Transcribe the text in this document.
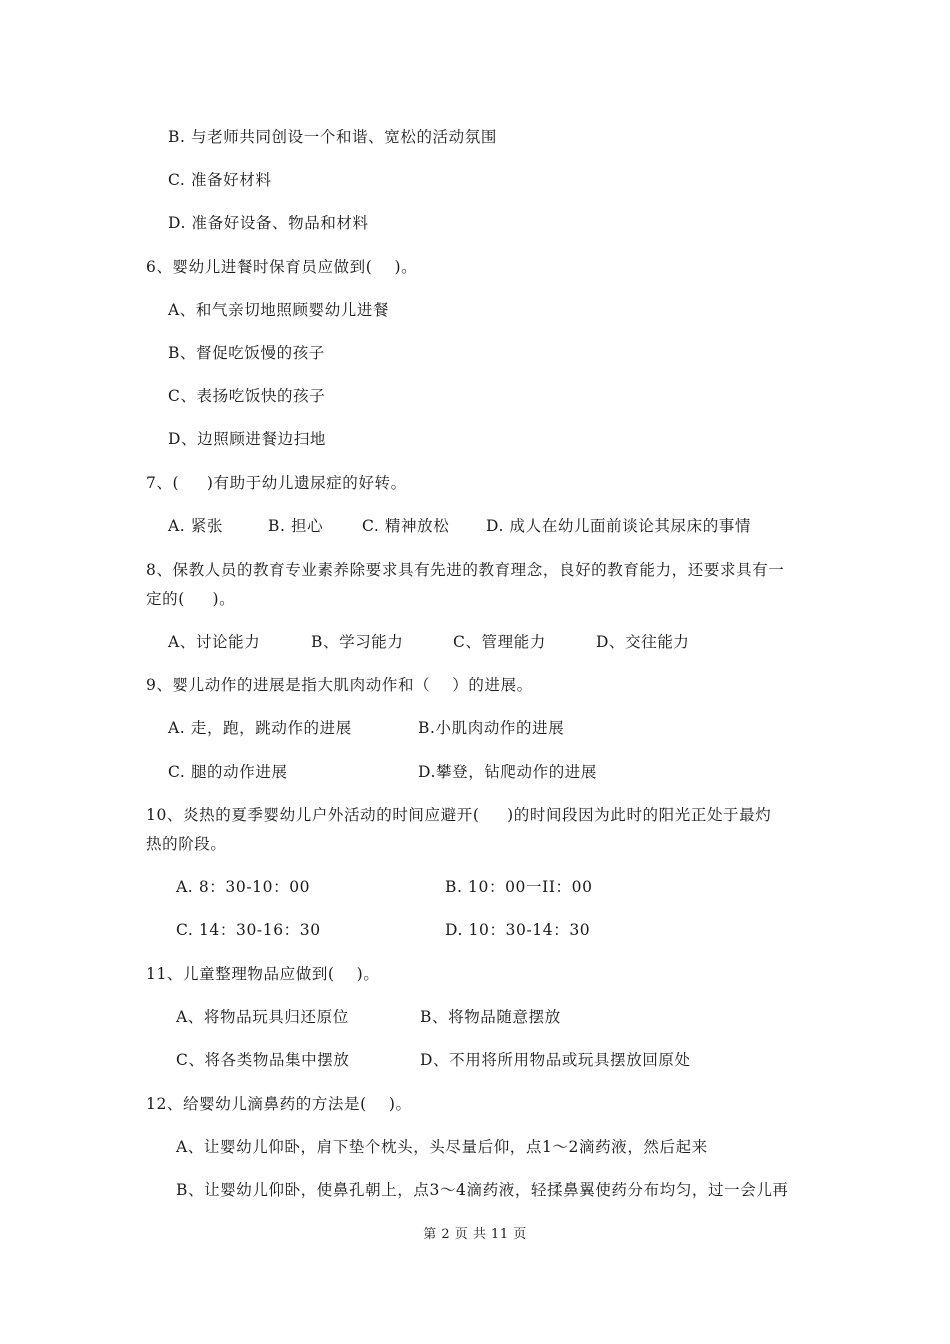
B. 与老师共同创设一个和谐、宽松的活动氛围
C. 准备好材料
D. 准备好设备、物品和材料
6、婴幼儿进餐时保育员应做到(    )。
A、和气亲切地照顾婴幼儿进餐
B、督促吃饭慢的孩子
C、表扬吃饭快的孩子
D、边照顾进餐边扫地
7、(     )有助于幼儿遗尿症的好转。
A. 紧张	B. 担心	C. 精神放松 D. 成人在幼儿面前谈论其尿床的事情
8、保教人员的教育专业素养除要求具有先进的教育理念，良好的教育能力，还要求具有一
定的(     )。
A、讨论能力	B、学习能力	C、管理能力	D、交往能力
9、婴儿动作的进展是指大肌肉动作和（    ）的进展。
A. 走，跑，跳动作的进展	B.小肌肉动作的进展
C. 腿的动作进展	D.攀登，钻爬动作的进展
10、炎热的夏季婴幼儿户外活动的时间应避开(     )的时间段因为此时的阳光正处于最灼
热的阶段。
A. 8：30-10：00	B. 10：00一II：00
C. 14：30-16：30	D. 10：30-14：30
11、儿童整理物品应做到(    )。
A、将物品玩具归还原位	B、将物品随意摆放
C、将各类物品集中摆放	D、不用将所用物品或玩具摆放回原处
12、给婴幼儿滴鼻药的方法是(    )。
A、让婴幼儿仰卧，肩下垫个枕头，头尽量后仰，点1～2滴药液，然后起来
B、让婴幼儿仰卧，使鼻孔朝上，点3～4滴药液，轻揉鼻翼使药分布均匀，过一会儿再
第 2 页 共 11 页
